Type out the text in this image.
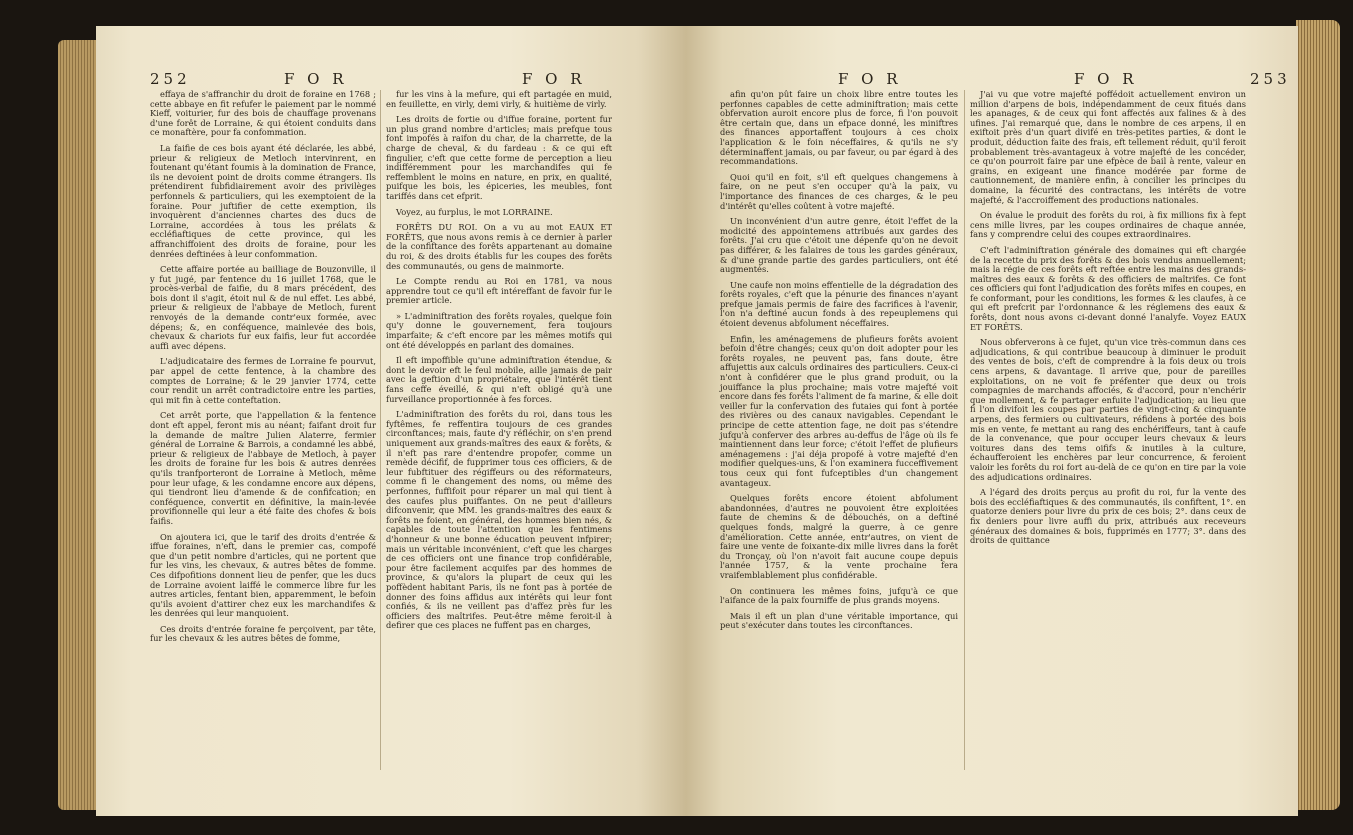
252	F O R	F O R

effaya de s'affranchir du droit de foraine en 1768 ; cette abbaye en fit refufer le paiement par le nommé Kieff, voiturier, fur des bois de chauffage provenans d'une forêt de Lorraine, & qui étoient conduits dans ce monaftère, pour fa confommation.

La faifie de ces bois ayant été déclarée, les abbé, prieur & religieux de Metloch intervinrent, en foutenant qu'étant foumis à la domination de France, ils ne devoient point de droits comme étrangers. Ils prétendirent fubfidiairement avoir des privilèges perfonnels & particuliers, qui les exemptoient de la foraine. Pour juftifier de cette exemption, ils invoquèrent d'anciennes chartes des ducs de Lorraine, accordées à tous les prélats & eccléfiaftiques de cette province, qui les affranchiffoient des droits de foraine, pour les denrées deftinées à leur confommation.

Cette affaire portée au bailliage de Bouzonville, il y fut jugé, par fentence du 16 juillet 1768, que le procès-verbal de faifie, du 8 mars précédent, des bois dont il s'agit, étoit nul & de nul effet. Les abbé, prieur & religieux de l'abbaye de Metloch, furent renvoyés de la demande contr'eux formée, avec dépens; &, en conféquence, mainlevée des bois, chevaux & chariots fur eux faifis, leur fut accordée auffi avec dépens.

L'adjudicataire des fermes de Lorraine fe pourvut, par appel de cette fentence, à la chambre des comptes de Lorraine; & le 29 janvier 1774, cette cour rendit un arrêt contradictoire entre les parties, qui mit fin à cette conteftation.

Cet arrêt porte, que l'appellation & la fentence dont eft appel, feront mis au néant; faifant droit fur la demande de maître Julien Alaterre, fermier général de Lorraine & Barrois, a condamné les abbé, prieur & religieux de l'abbaye de Metloch, à payer les droits de foraine fur les bois & autres denrées qu'ils tranfporteront de Lorraine à Metloch, même pour leur ufage, & les condamne encore aux dépens, qui tiendront lieu d'amende & de confifcation; en conféquence, convertit en définitive, la main-levée provifionnelle qui leur a été faite des chofes & bois faifis.

On ajoutera ici, que le tarif des droits d'entrée & iffue foraines, n'eft, dans le premier cas, compofé que d'un petit nombre d'articles, qui ne portent que fur les vins, les chevaux, & autres bêtes de fomme. Ces difpofitions donnent lieu de penfer, que les ducs de Lorraine avoient laiffé le commerce libre fur les autres articles, fentant bien, apparemment, le befoin qu'ils avoient d'attirer chez eux les marchandifes & les denrées qui leur manquoient.

Ces droits d'entrée foraine fe perçoivent, par tête, fur les chevaux & les autres bêtes de fomme,

fur les vins à la mefure, qui eft partagée en muid, en feuillette, en virly, demi virly, & huitième de virly.

Les droits de fortie ou d'iffue foraine, portent fur un plus grand nombre d'articles; mais prefque tous font impofés à raifon du char, de la charrette, de la charge de cheval, & du fardeau : & ce qui eft fingulier, c'eft que cette forme de perception a lieu indifféremment pour les marchandifes qui fe reffemblent le moins en nature, en prix, en qualité, puifque les bois, les épiceries, les meubles, font tariffés dans cet efprit.

Voyez, au furplus, le mot LORRAINE.

FORÊTS DU ROI. On a vu au mot EAUX ET FORÊTS, que nous avons remis à ce dernier à parler de la confiftance des forêts appartenant au domaine du roi, & des droits établis fur les coupes des forêts des communautés, ou gens de mainmorte.

Le Compte rendu au Roi en 1781, va nous apprendre tout ce qu'il eft intéreffant de favoir fur le premier article.

» L'adminiftration des forêts royales, quelque foin qu'y donne le gouvernement, fera toujours imparfaite; & c'eft encore par les mêmes motifs qui ont été développés en parlant des domaines.

Il eft impoffible qu'une adminiftration étendue, & dont le devoir eft le feul mobile, aille jamais de pair avec la geftion d'un propriétaire, que l'intérêt tient fans ceffe éveillé, & qui n'eft obligé qu'à une furveillance proportionnée à fes forces.

L'adminiftration des forêts du roi, dans tous les fyftêmes, fe reffentira toujours de ces grandes circonftances; mais, faute d'y réfléchir, on s'en prend uniquement aux grands-maîtres des eaux & forêts, & il n'eft pas rare d'entendre propofer, comme un remède décifif, de fupprimer tous ces officiers, & de leur fubftituer des régiffeurs ou des réformateurs, comme fi le changement des noms, ou même des perfonnes, fuffifoit pour réparer un mal qui tient à des caufes plus puiffantes. On ne peut d'ailleurs difconvenir, que MM. les grands-maîtres des eaux & forêts ne foient, en général, des hommes bien nés, & capables de toute l'attention que les fentimens d'honneur & une bonne éducation peuvent infpirer; mais un véritable inconvénient, c'eft que les charges de ces officiers ont une finance trop confidérable, pour être facilement acquifes par des hommes de province, & qu'alors la plupart de ceux qui les poffèdent habitant Paris, ils ne font pas à portée de donner des foins affidus aux intérêts qui leur font confiés, & ils ne veillent pas d'affez près fur les officiers des maîtrifes. Peut-être même feroit-il à defirer que ces places ne fuffent pas en charges,

F O R	F O R	253

afin qu'on pût faire un choix libre entre toutes les perfonnes capables de cette adminiftration; mais cette obfervation auroit encore plus de force, fi l'on pouvoit être certain que, dans un efpace donné, les miniftres des finances apportaffent toujours à ces choix l'application & le foin néceffaires, & qu'ils ne s'y déterminaffent jamais, ou par faveur, ou par égard à des recommandations.

Quoi qu'il en foit, s'il eft quelques changemens à faire, on ne peut s'en occuper qu'à la paix, vu l'importance des finances de ces charges, & le peu d'intérêt qu'elles coûtent à votre majefté.

Un inconvénient d'un autre genre, étoit l'effet de la modicité des appointemens attribués aux gardes des forêts. J'ai cru que c'étoit une dépenfe qu'on ne devoit pas différer, & les falaires de tous les gardes généraux, & d'une grande partie des gardes particuliers, ont été augmentés.

Une caufe non moins effentielle de la dégradation des forêts royales, c'eft que la pénurie des finances n'ayant prefque jamais permis de faire des facrifices à l'avenir, l'on n'a deftiné aucun fonds à des repeuplemens qui étoient devenus abfolument néceffaires.

Enfin, les aménagemens de plufieurs forêts avoient befoin d'être changés; ceux qu'on doit adopter pour les forêts royales, ne peuvent pas, fans doute, être affujettis aux calculs ordinaires des particuliers. Ceux-ci n'ont à confidérer que le plus grand produit, ou la jouiffance la plus prochaine; mais votre majefté voit encore dans fes forêts l'aliment de fa marine, & elle doit veiller fur la confervation des futaies qui font à portée des rivières ou des canaux navigables. Cependant le principe de cette attention fage, ne doit pas s'étendre jufqu'à conferver des arbres au-deffus de l'âge où ils fe maintiennent dans leur force; c'étoit l'effet de plufieurs aménagemens : j'ai déja propofé à votre majefté d'en modifier quelques-uns, & l'on examinera fucceffivement tous ceux qui font fufceptibles d'un changement avantageux.

Quelques forêts encore étoient abfolument abandonnées, d'autres ne pouvoient être exploitées faute de chemins & de débouchés, on a deftiné quelques fonds, malgré la guerre, à ce genre d'amélioration. Cette année, entr'autres, on vient de faire une vente de foixante-dix mille livres dans la forêt du Tronçay, où l'on n'avoit fait aucune coupe depuis l'année 1757, & la vente prochaine fera vraifemblablement plus confidérable.

On continuera les mêmes foins, jufqu'à ce que l'aifance de la paix fourniffe de plus grands moyens.

Mais il eft un plan d'une véritable importance, qui peut s'exécuter dans toutes les circonftances.

J'ai vu que votre majefté poffédoit actuellement environ un million d'arpens de bois, indépendamment de ceux fitués dans les apanages, & de ceux qui font affectés aux falines & à des ufines. J'ai remarqué que, dans le nombre de ces arpens, il en exiftoit près d'un quart divifé en très-petites parties, & dont le produit, déduction faite des frais, eft tellement réduit, qu'il feroit probablement très-avantageux à votre majefté de les concéder, ce qu'on pourroit faire par une efpèce de bail à rente, valeur en grains, en exigeant une finance modérée par forme de cautionnement, de manière enfin, à concilier les principes du domaine, la fécurité des contractans, les intérêts de votre majefté, & l'accroiffement des productions nationales.

On évalue le produit des forêts du roi, à fix millions fix à fept cens mille livres, par les coupes ordinaires de chaque année, fans y comprendre celui des coupes extraordinaires.

C'eft l'adminiftration générale des domaines qui eft chargée de la recette du prix des forêts & des bois vendus annuellement; mais la régie de ces forêts eft reftée entre les mains des grands-maîtres des eaux & forêts & des officiers de maîtrifes. Ce font ces officiers qui font l'adjudication des forêts mifes en coupes, en fe conformant, pour les conditions, les formes & les claufes, à ce qui eft prefcrit par l'ordonnance & les réglemens des eaux & forêts, dont nous avons ci-devant donné l'analyfe. Voyez EAUX ET FORÊTS.

Nous obferverons à ce fujet, qu'un vice très-commun dans ces adjudications, & qui contribue beaucoup à diminuer le produit des ventes de bois, c'eft de comprendre à la fois deux ou trois cens arpens, & davantage. Il arrive que, pour de pareilles exploitations, on ne voit fe préfenter que deux ou trois compagnies de marchands affociés, & d'accord, pour n'enchérir que mollement, & fe partager enfuite l'adjudication; au lieu que fi l'on divifoit les coupes par parties de vingt-cinq & cinquante arpens, des fermiers ou cultivateurs, réfidens à portée des bois mis en vente, fe mettant au rang des enchériffeurs, tant à caufe de la convenance, que pour occuper leurs chevaux & leurs voitures dans des tems oififs & inutiles à la culture, échaufferoient les enchères par leur concurrence, & feroient valoir les forêts du roi fort au-delà de ce qu'on en tire par la voie des adjudications ordinaires.

A l'égard des droits perçus au profit du roi, fur la vente des bois des eccléfiaftiques & des communautés, ils confiftent, 1°. en quatorze deniers pour livre du prix de ces bois; 2°. dans ceux de fix deniers pour livre auffi du prix, attribués aux receveurs généraux des domaines & bois, fupprimés en 1777; 3°. dans des droits de quittance
